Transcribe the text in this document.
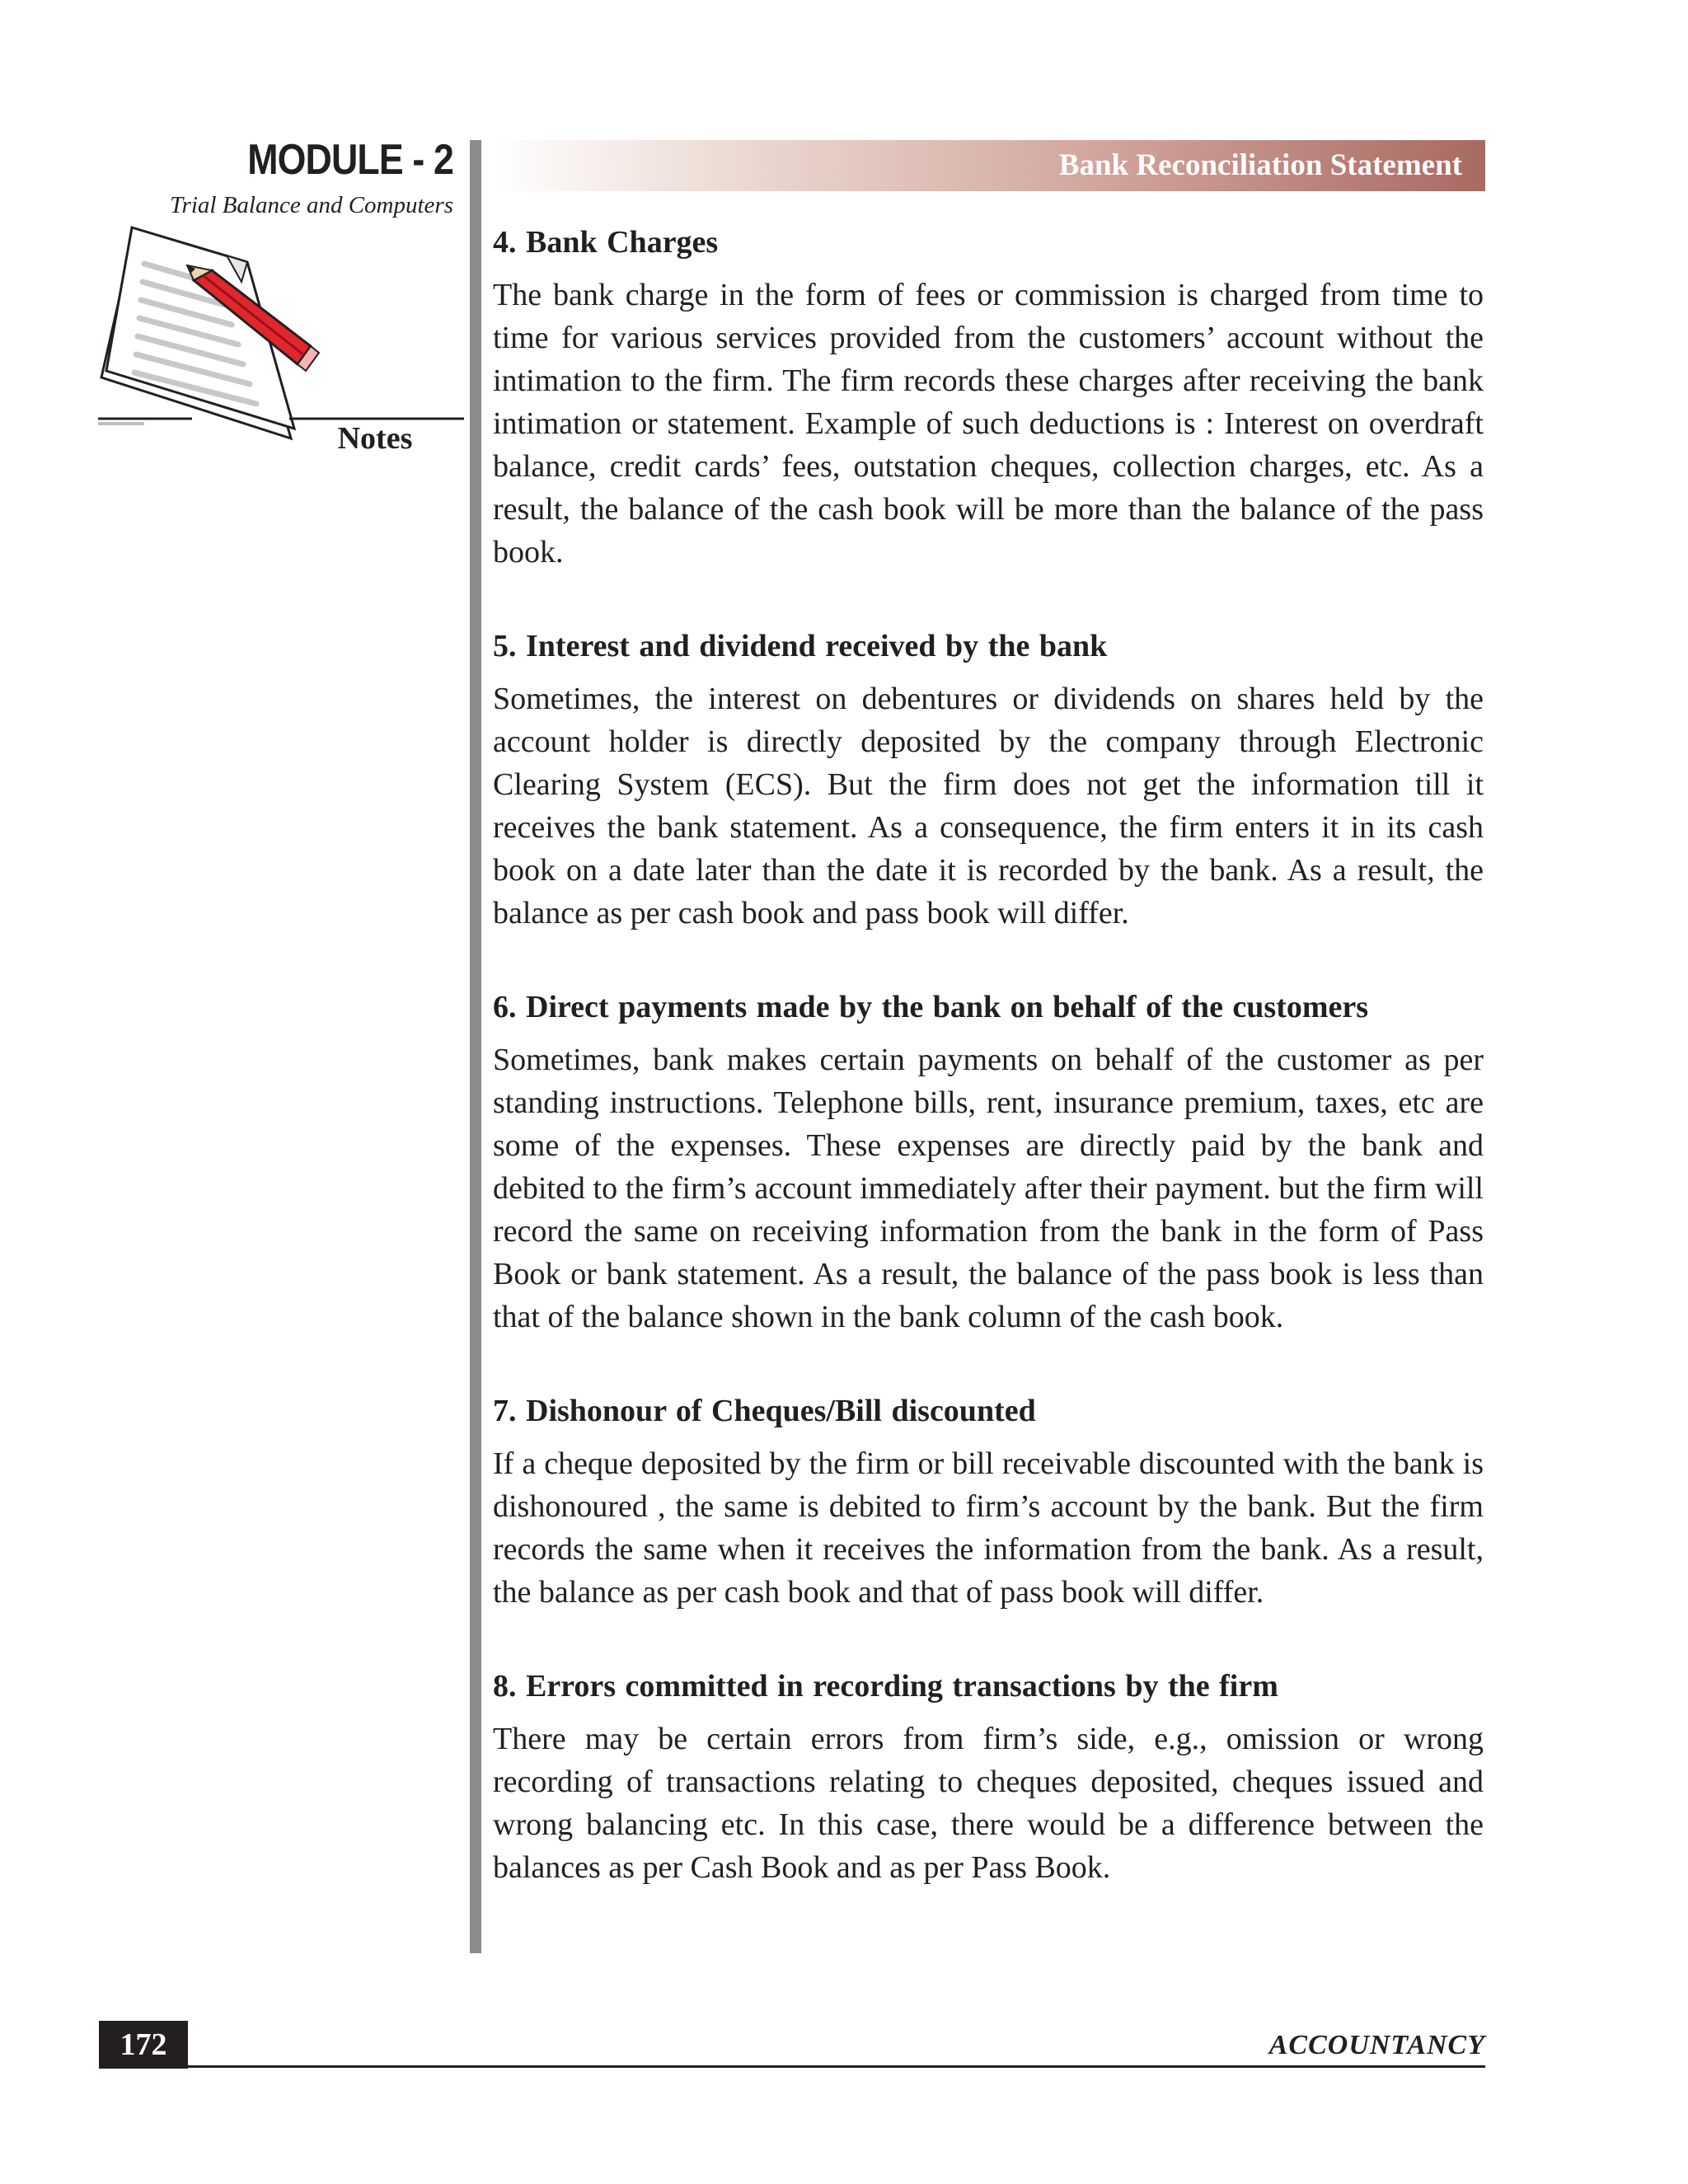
MODULE - 2
Trial Balance and Computers
Notes
Bank Reconciliation Statement

4. Bank Charges

The bank charge in the form of fees or commission is charged from time to time for various services provided from the customers’ account without the intimation to the firm. The firm records these charges after receiving the bank intimation or statement. Example of such deductions is : Interest on overdraft balance, credit cards’ fees, outstation cheques, collection charges, etc. As a result, the balance of the cash book will be more than the balance of the pass book.

5. Interest and dividend received by the bank

Sometimes, the interest on debentures or dividends on shares held by the account holder is directly deposited by the company through Electronic Clearing System (ECS). But the firm does not get the information till it receives the bank statement. As a consequence, the firm enters it in its cash book on a date later than the date it is recorded by the bank. As a result, the balance as per cash book and pass book will differ.

6. Direct payments made by the bank on behalf of the customers

Sometimes, bank makes certain payments on behalf of the customer as per standing instructions. Telephone bills, rent, insurance premium, taxes, etc are some of the expenses. These expenses are directly paid by the bank and debited to the firm’s account immediately after their payment. but the firm will record the same on receiving information from the bank in the form of Pass Book or bank statement. As a result, the balance of the pass book is less than that of the balance shown in the bank column of the cash book.

7. Dishonour of Cheques/Bill discounted

If a cheque deposited by the firm or bill receivable discounted with the bank is dishonoured , the same is debited to firm’s account by the bank. But the firm records the same when it receives the information from the bank. As a result, the balance as per cash book and that of pass book will differ.

8. Errors committed in recording transactions by the firm

There may be certain errors from firm’s side, e.g., omission or wrong recording of transactions relating to cheques deposited, cheques issued and wrong balancing etc. In this case, there would be a difference between the balances as per Cash Book and as per Pass Book.

172	ACCOUNTANCY
